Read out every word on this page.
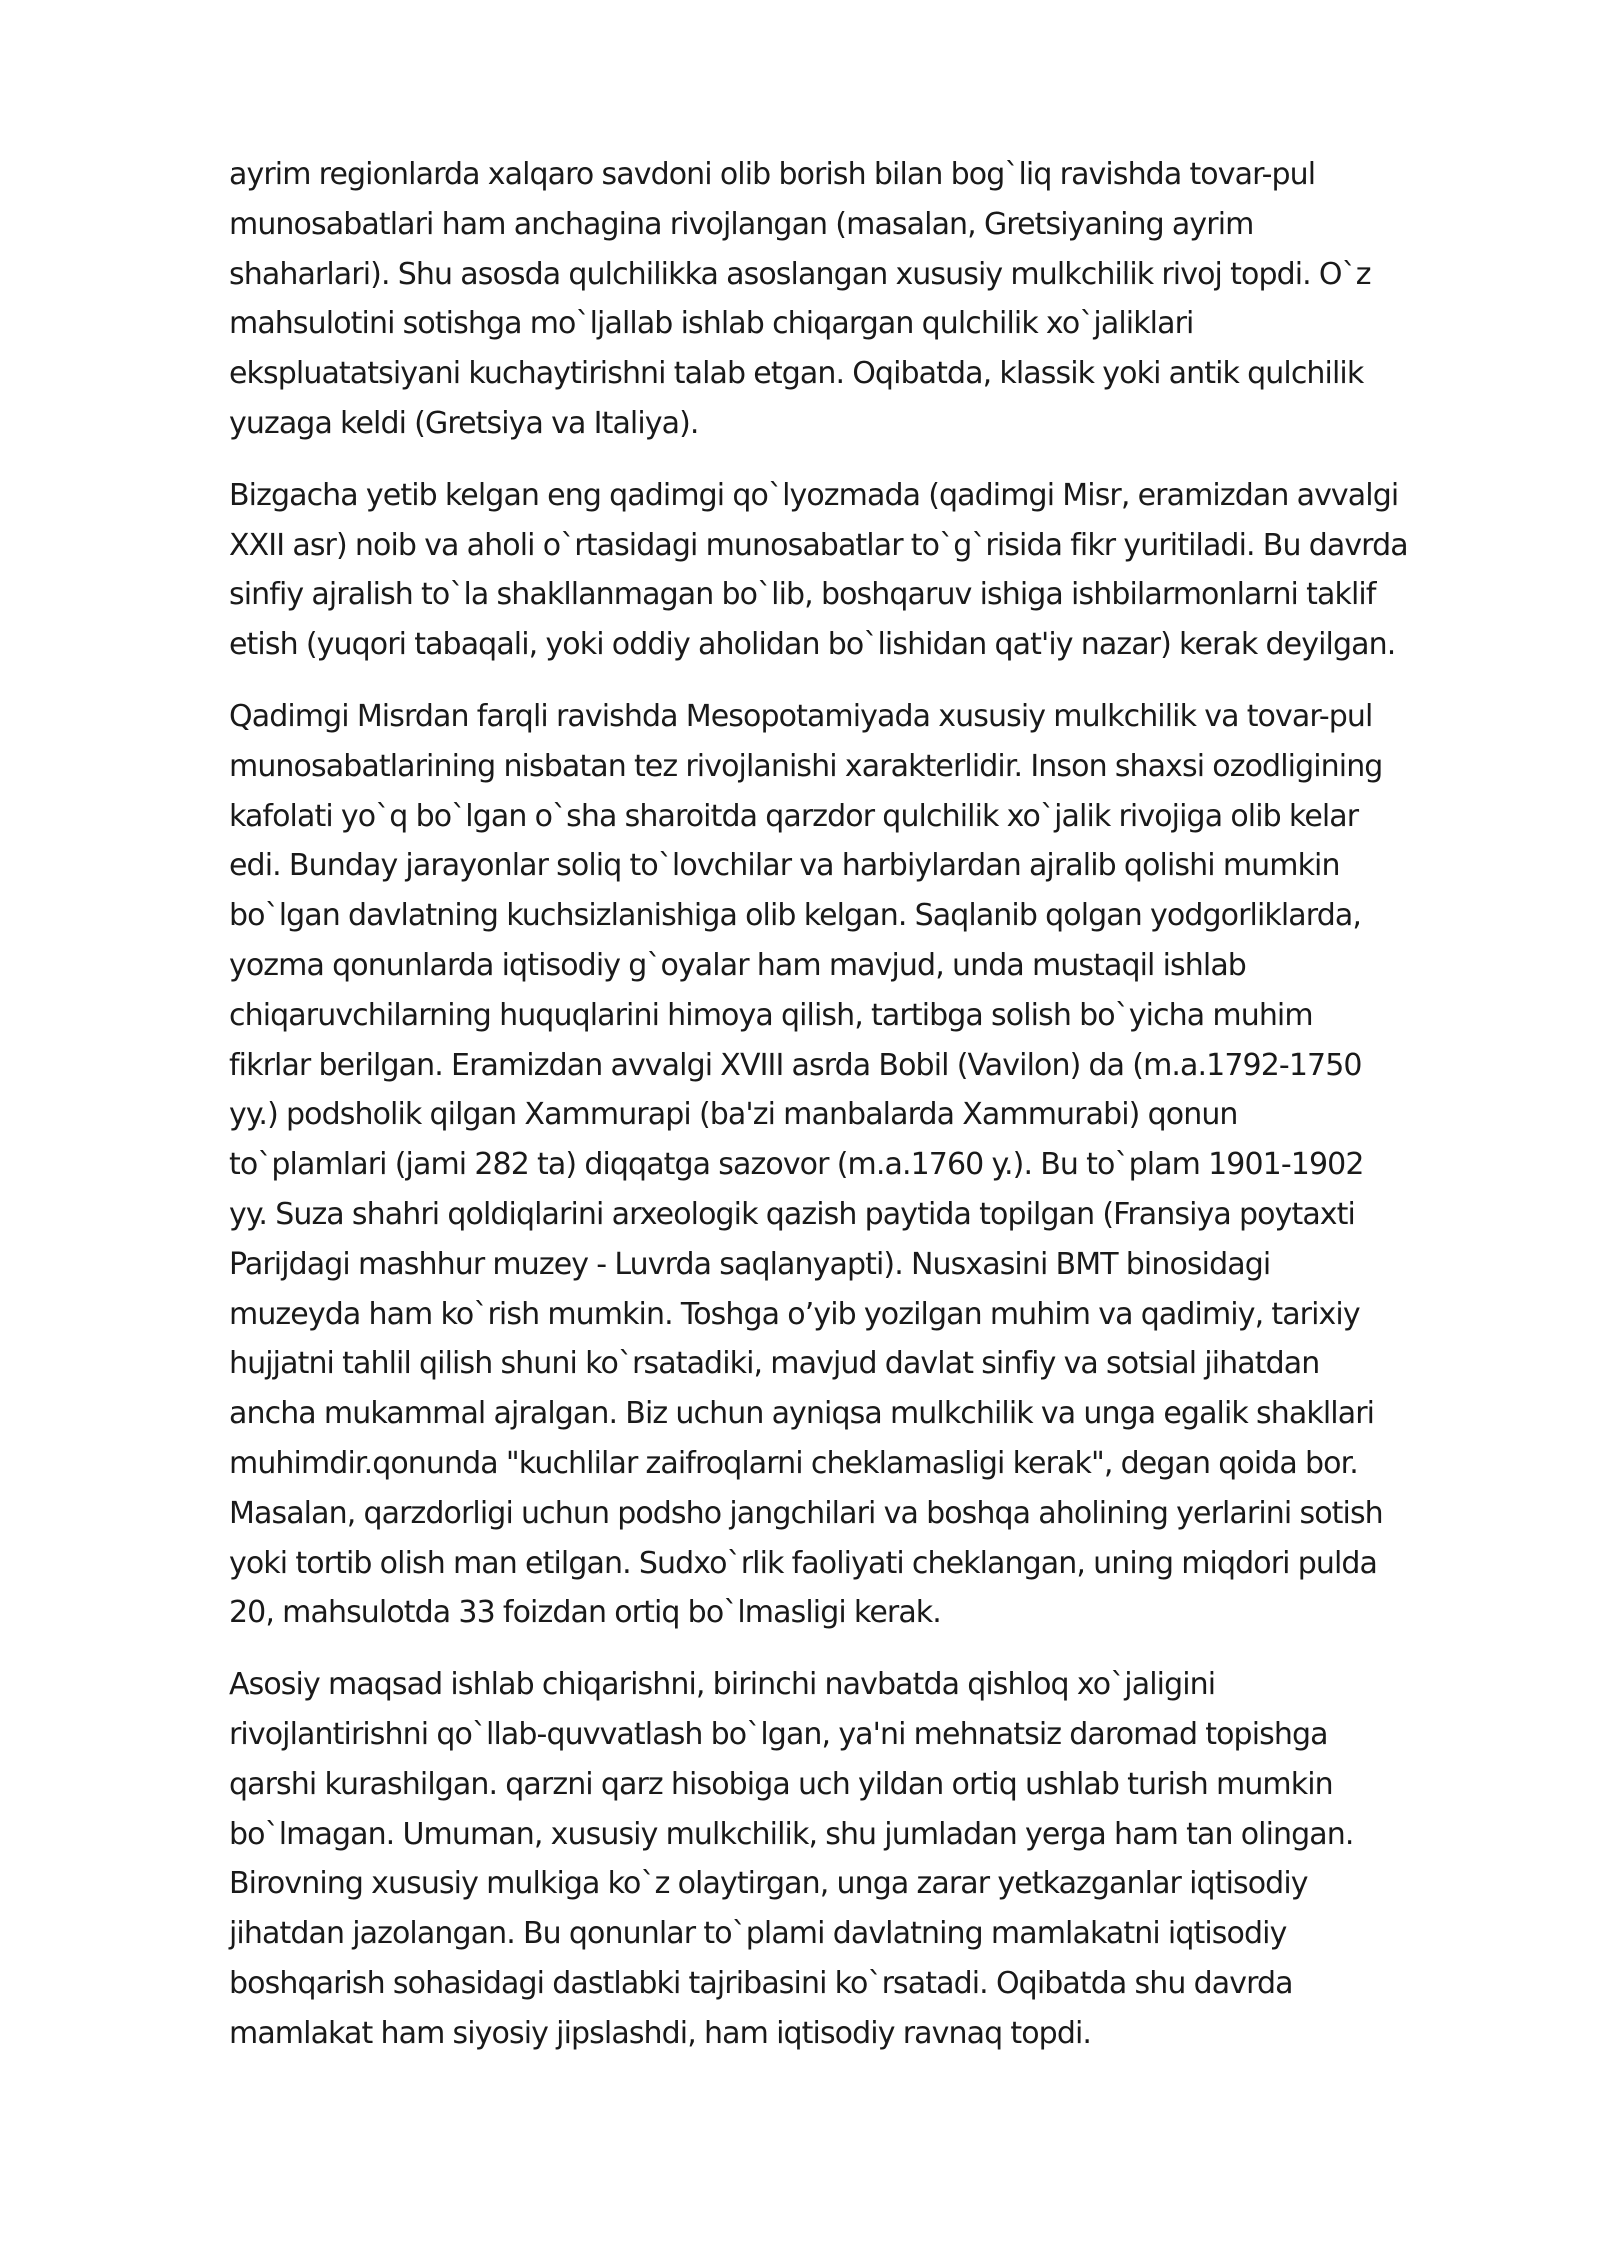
ayrim regionlarda xalqaro savdoni olib borish bilan bog`liq ravishda tovar-pul
munosabatlari ham anchagina rivojlangan (masalan, Gretsiyaning ayrim
shaharlari). Shu asosda qulchilikka asoslangan xususiy mulkchilik rivoj topdi. O`z
mahsulotini sotishga mo`ljallab ishlab chiqargan qulchilik xo`jaliklari
ekspluatatsiyani kuchaytirishni talab etgan. Oqibatda, klassik yoki antik qulchilik
yuzaga keldi (Gretsiya va Italiya).

Bizgacha yetib kelgan eng qadimgi qo`lyozmada (qadimgi Misr, eramizdan avvalgi
XXII asr) noib va aholi o`rtasidagi munosabatlar to`g`risida fikr yuritiladi. Bu davrda
sinfiy ajralish to`la shakllanmagan bo`lib, boshqaruv ishiga ishbilarmonlarni taklif
etish (yuqori tabaqali, yoki oddiy aholidan bo`lishidan qat'iy nazar) kerak deyilgan.

Qadimgi Misrdan farqli ravishda Mesopotamiyada xususiy mulkchilik va tovar-pul
munosabatlarining nisbatan tez rivojlanishi xarakterlidir. Inson shaxsi ozodligining
kafolati yo`q bo`lgan o`sha sharoitda qarzdor qulchilik xo`jalik rivojiga olib kelar
edi. Bunday jarayonlar soliq to`lovchilar va harbiylardan ajralib qolishi mumkin
bo`lgan davlatning kuchsizlanishiga olib kelgan. Saqlanib qolgan yodgorliklarda,
yozma qonunlarda iqtisodiy g`oyalar ham mavjud, unda mustaqil ishlab
chiqaruvchilarning huquqlarini himoya qilish, tartibga solish bo`yicha muhim
fikrlar berilgan. Eramizdan avvalgi XVIII asrda Bobil (Vavilon) da (m.a.1792-1750
yy.) podsholik qilgan Xammurapi (ba'zi manbalarda Xammurabi) qonun
to`plamlari (jami 282 ta) diqqatga sazovor (m.a.1760 y.). Bu to`plam 1901-1902
yy. Suza shahri qoldiqlarini arxeologik qazish paytida topilgan (Fransiya poytaxti
Parijdagi mashhur muzey - Luvrda saqlanyapti). Nusxasini BMT binosidagi
muzeyda ham ko`rish mumkin. Toshga o’yib yozilgan muhim va qadimiy, tarixiy
hujjatni tahlil qilish shuni ko`rsatadiki, mavjud davlat sinfiy va sotsial jihatdan
ancha mukammal ajralgan. Biz uchun ayniqsa mulkchilik va unga egalik shakllari
muhimdir.qonunda "kuchlilar zaifroqlarni cheklamasligi kerak", degan qoida bor.
Masalan, qarzdorligi uchun podsho jangchilari va boshqa aholining yerlarini sotish
yoki tortib olish man etilgan. Sudxo`rlik faoliyati cheklangan, uning miqdori pulda
20, mahsulotda 33 foizdan ortiq bo`lmasligi kerak.

Asosiy maqsad ishlab chiqarishni, birinchi navbatda qishloq xo`jaligini
rivojlantirishni qo`llab-quvvatlash bo`lgan, ya'ni mehnatsiz daromad topishga
qarshi kurashilgan. qarzni qarz hisobiga uch yildan ortiq ushlab turish mumkin
bo`lmagan. Umuman, xususiy mulkchilik, shu jumladan yerga ham tan olingan.
Birovning xususiy mulkiga ko`z olaytirgan, unga zarar yetkazganlar iqtisodiy
jihatdan jazolangan. Bu qonunlar to`plami davlatning mamlakatni iqtisodiy
boshqarish sohasidagi dastlabki tajribasini ko`rsatadi. Oqibatda shu davrda
mamlakat ham siyosiy jipslashdi, ham iqtisodiy ravnaq topdi.
